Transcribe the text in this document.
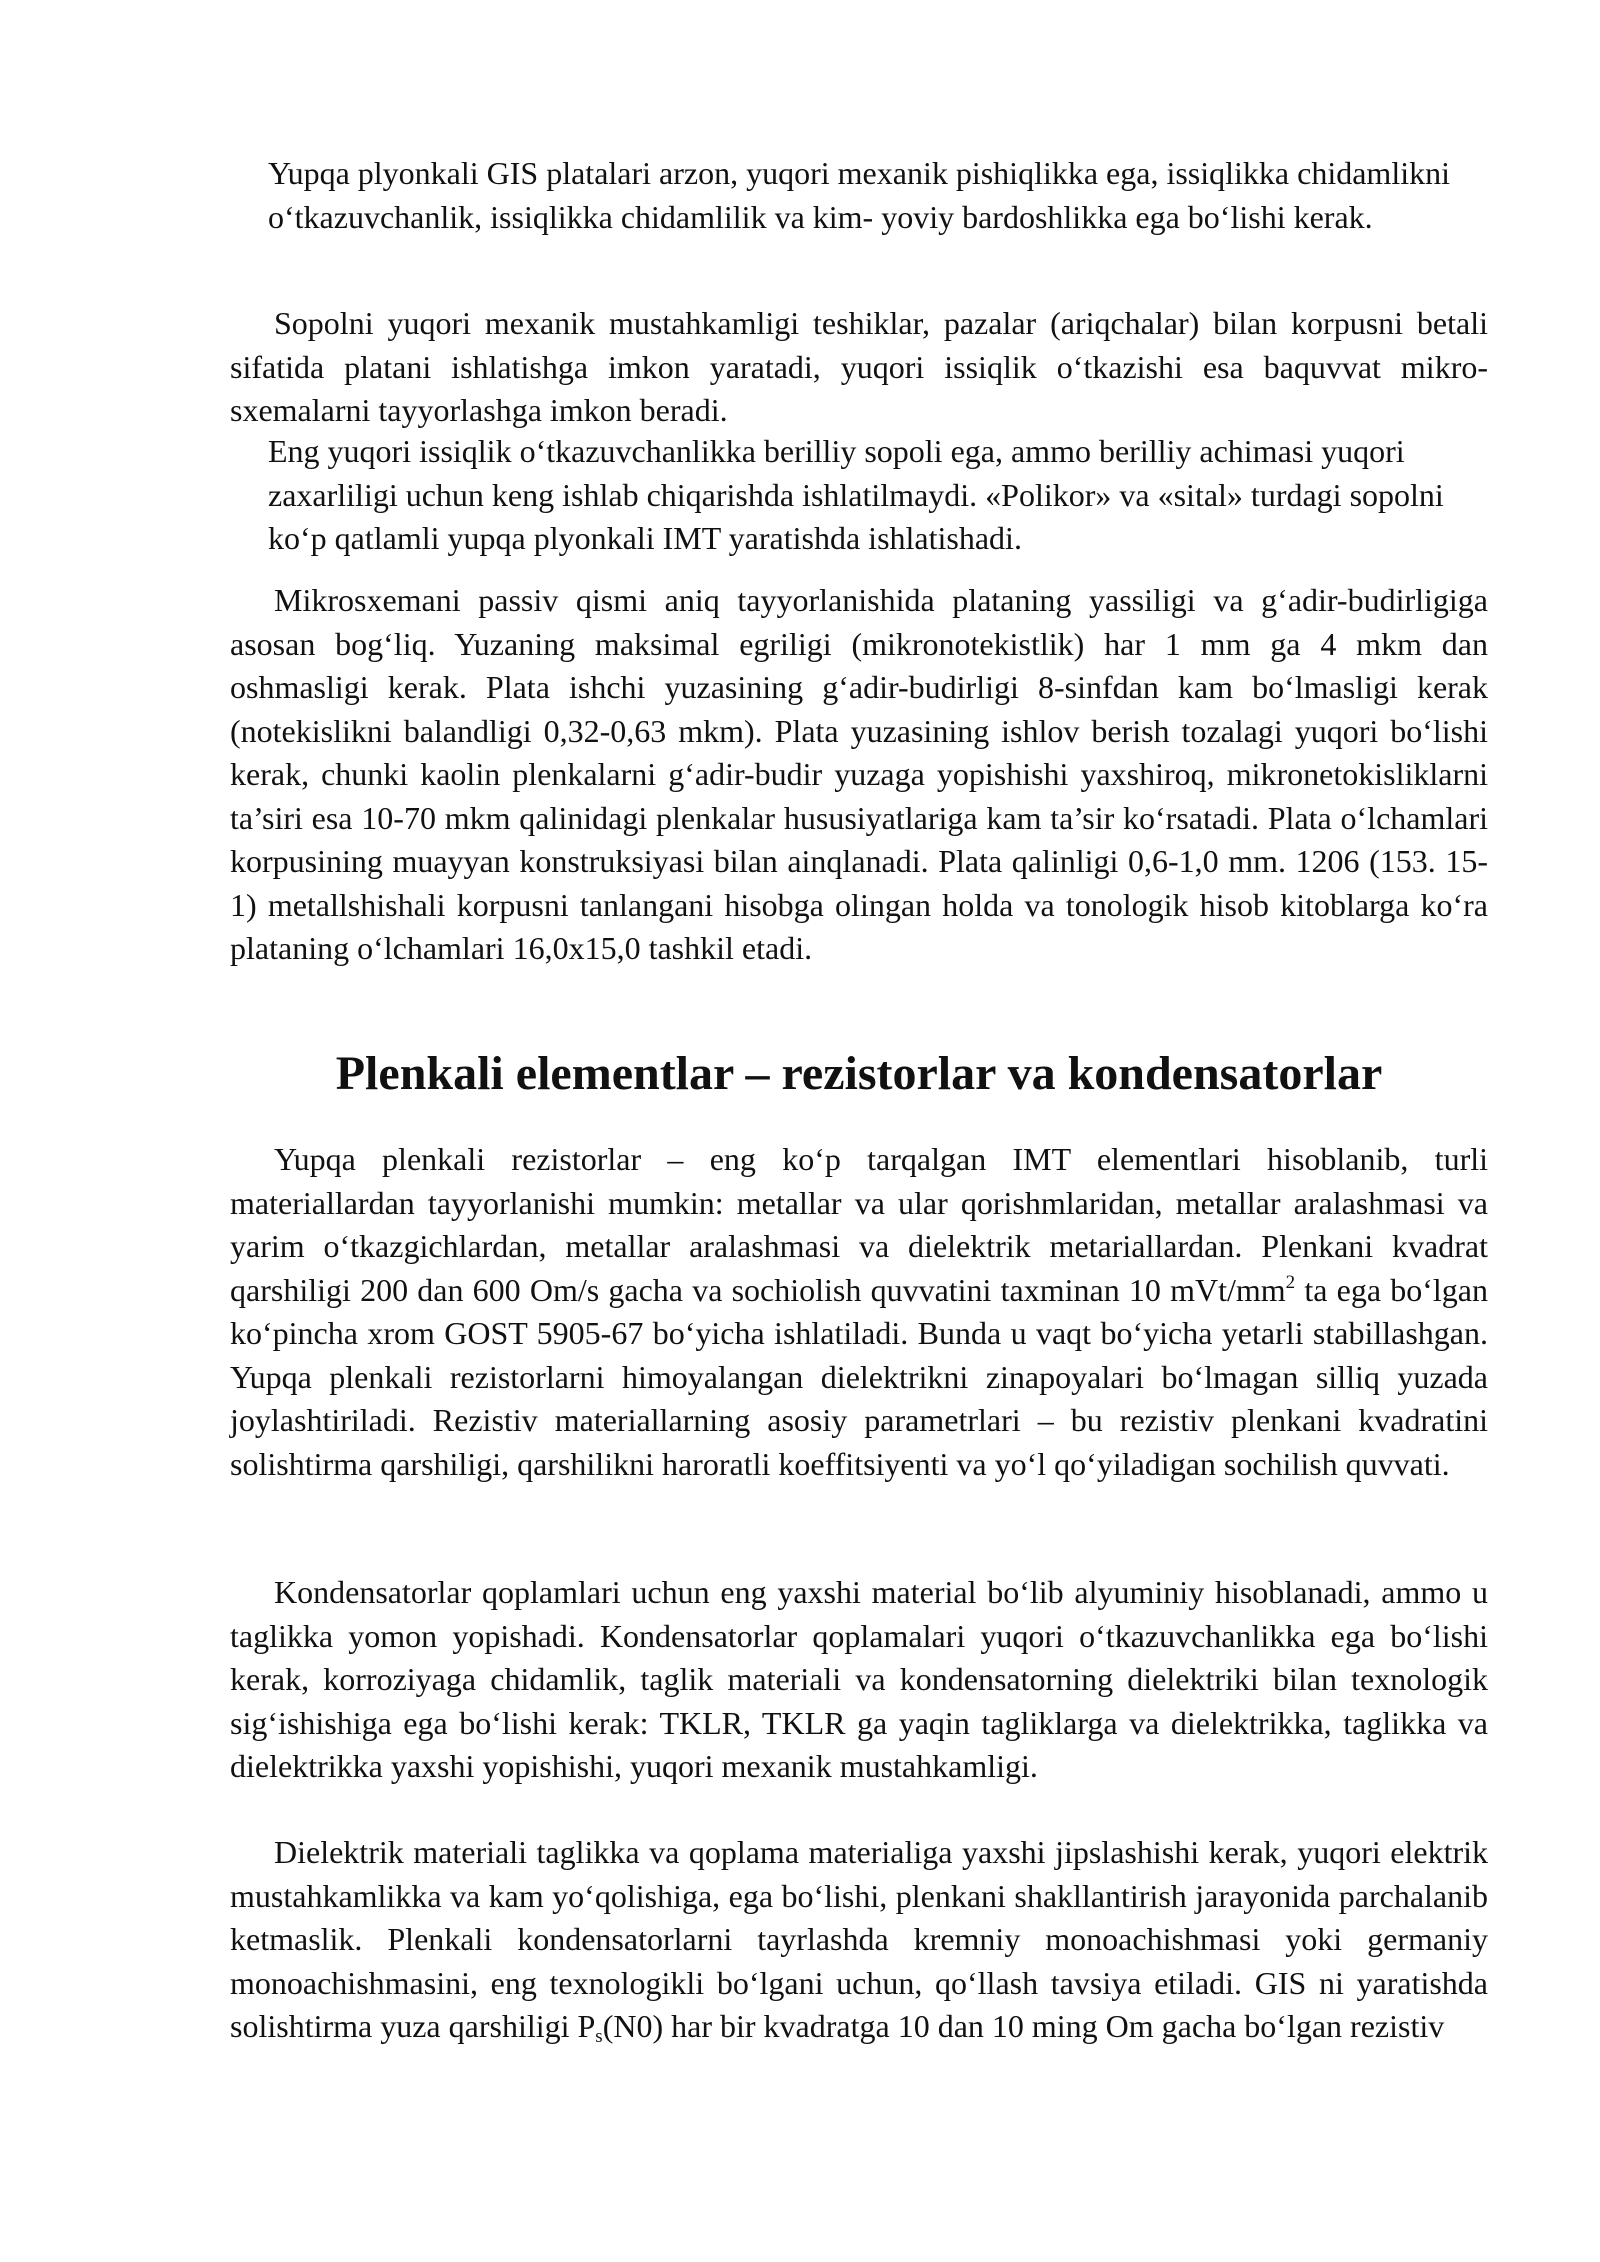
Yupqa plyonkali GIS platalari arzon, yuqori mexanik pishiqlikka ega, issiqlikka chidamlikni o‘tkazuvchanlik, issiqlikka chidamlilik va kim- yoviy bardoshlikka ega bo‘lishi kerak.

Sopolni yuqori mexanik mustahkamligi teshiklar, pazalar (ariqchalar) bilan korpusni betali sifatida platani ishlatishga imkon yaratadi, yuqori issiqlik o‘tkazishi esa baquvvat mikro-sxemalarni tayyorlashga imkon beradi.

Eng yuqori issiqlik o‘tkazuvchanlikka berilliy sopoli ega, ammo berilliy achimasi yuqori zaxarliligi uchun keng ishlab chiqarishda ishlatilmaydi. «Polikor» va «sital» turdagi sopolni ko‘p qatlamli yupqa plyonkali IMT yaratishda ishlatishadi.

Mikrosxemani passiv qismi aniq tayyorlanishida plataning yassiligi va g‘adir-budirligiga asosan bog‘liq. Yuzaning maksimal egriligi (mikronotekistlik) har 1 mm ga 4 mkm dan oshmasligi kerak. Plata ishchi yuzasining g‘adir-budirligi 8-sinfdan kam bo‘lmasligi kerak (notekislikni balandligi 0,32-0,63 mkm). Plata yuzasining ishlov berish tozalagi yuqori bo‘lishi kerak, chunki kaolin plenkalarni g‘adir-budir yuzaga yopishishi yaxshiroq, mikronetokisliklarni ta’siri esa 10-70 mkm qalinidagi plenkalar hususiyatlariga kam ta’sir ko‘rsatadi. Plata o‘lchamlari korpusining muayyan konstruksiyasi bilan ainqlanadi. Plata qalinligi 0,6-1,0 mm. 1206 (153. 15-1) metallshishali korpusni tanlangani hisobga olingan holda va tonologik hisob kitoblarga ko‘ra plataning o‘lchamlari 16,0x15,0 tashkil etadi.

Plenkali elementlar – rezistorlar va kondensatorlar

Yupqa plenkali rezistorlar – eng ko‘p tarqalgan IMT elementlari hisoblanib, turli materiallardan tayyorlanishi mumkin: metallar va ular qorishmlaridan, metallar aralashmasi va yarim o‘tkazgichlardan, metallar aralashmasi va dielektrik metariallardan. Plenkani kvadrat qarshiligi 200 dan 600 Om/s gacha va sochiolish quvvatini taxminan 10 mVt/$mm^2$ ta ega bo‘lgan ko‘pincha xrom GOST 5905-67 bo‘yicha ishlatiladi. Bunda u vaqt bo‘yicha yetarli stabillashgan. Yupqa plenkali rezistorlarni himoyalangan dielektrikni zinapoyalari bo‘lmagan silliq yuzada joylashtiriladi. Rezistiv materiallarning asosiy parametrlari – bu rezistiv plenkani kvadratini solishtirma qarshiligi, qarshilikni haroratli koeffitsiyenti va yo‘l qo‘yiladigan sochilish quvvati.

Kondensatorlar qoplamlari uchun eng yaxshi material bo‘lib alyuminiy hisoblanadi, ammo u taglikka yomon yopishadi. Kondensatorlar qoplamalari yuqori o‘tkazuvchanlikka ega bo‘lishi kerak, korroziyaga chidamlik, taglik materiali va kondensatorning dielektriki bilan texnologik sig‘ishishiga ega bo‘lishi kerak: TKLR, TKLR ga yaqin tagliklarga va dielektrikka, taglikka va dielektrikka yaxshi yopishishi, yuqori mexanik mustahkamligi.

Dielektrik materiali taglikka va qoplama materialiga yaxshi jipslashishi kerak, yuqori elektrik mustahkamlikka va kam yo‘qolishiga, ega bo‘lishi, plenkani shakllantirish jarayonida parchalanib ketmaslik. Plenkali kondensatorlarni tayrlashda kremniy monoachishmasi yoki germaniy monoachishmasini, eng texnologikli bo‘lgani uchun, qo‘llash tavsiya etiladi. GIS ni yaratishda solishtirma yuza qarshiligi $P_s(N0)$ har bir kvadratga 10 dan 10 ming Om gacha bo‘lgan rezistiv
